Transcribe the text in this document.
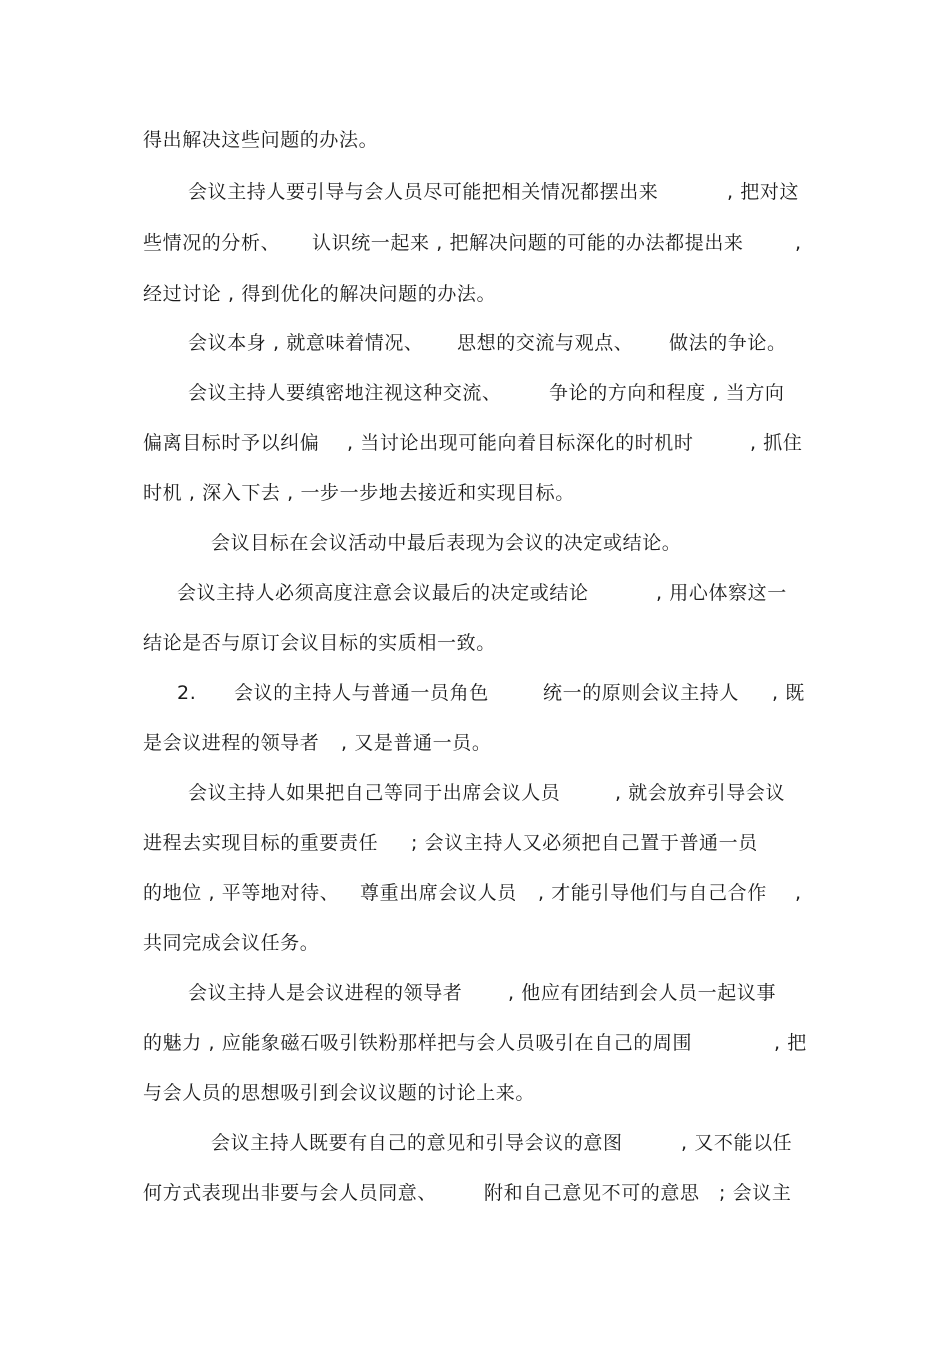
得出解决这些问题的办法。
会议主持人要引导与会人员尽可能把相关情况都摆出来	, 把对这
些情况的分析、 认识统一起来 , 把解决问题的可能的办法都提出来	,
经过讨论 , 得到优化的解决问题的办法。
会议本身 , 就意味着情况、 思想的交流与观点、 做法的争论。
会议主持人要缜密地注视这种交流、 争论的方向和程度 , 当方向
偏离目标时予以纠偏 , 当讨论出现可能向着目标深化的时机时	, 抓住
时机 , 深入下去 , 一步一步地去接近和实现目标。
会议目标在会议活动中最后表现为会议的决定或结论。
会议主持人必须高度注意会议最后的决定或结论	, 用心体察这一
结论是否与原订会议目标的实质相一致。
2. 会议的主持人与普通一员角色	统一的原则会议主持人 , 既
是会议进程的领导者 , 又是普通一员。
会议主持人如果把自己等同于出席会议人员	, 就会放弃引导会议
进程去实现目标的重要责任 ; 会议主持人又必须把自己置于普通一员
的地位 , 平等地对待、 尊重出席会议人员 , 才能引导他们与自己合作 ,
共同完成会议任务。
会议主持人是会议进程的领导者 , 他应有团结到会人员一起议事
的魅力 , 应能象磁石吸引铁粉那样把与会人员吸引在自己的周围	, 把
与会人员的思想吸引到会议议题的讨论上来。
会议主持人既要有自己的意见和引导会议的意图	, 又不能以任
何方式表现出非要与会人员同意、 附和自己意见不可的意思 ; 会议主
